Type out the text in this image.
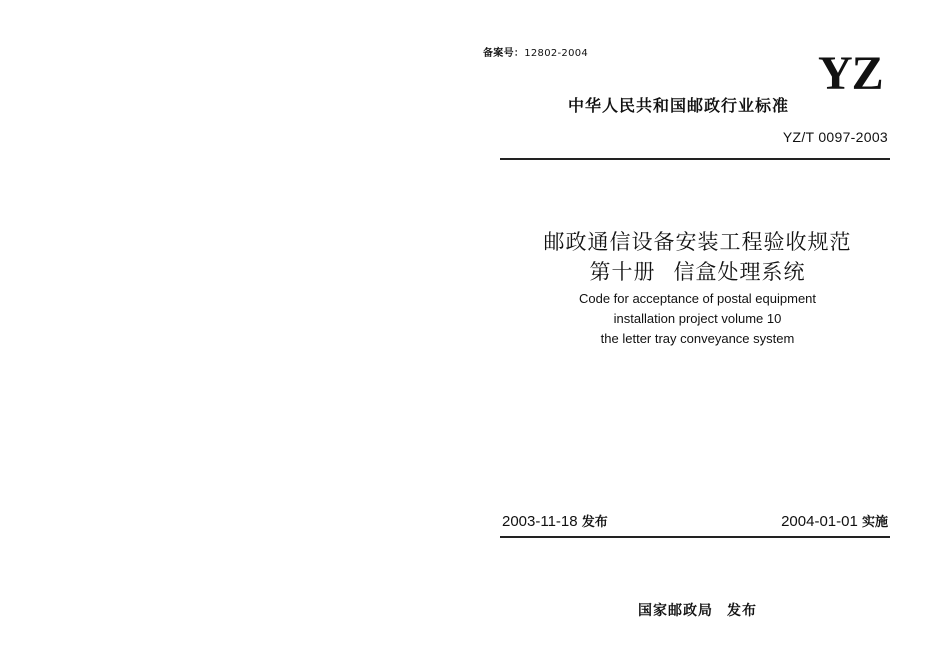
备案号：12802-2004	YZ
中华人民共和国邮政行业标准
YZ/T 0097-2003
邮政通信设备安装工程验收规范
第十册 信盒处理系统
Code for acceptance of postal equipment
installation project volume 10
the letter tray conveyance system
2003-11-18 发布	2004-01-01 实施
国家邮政局 发布
